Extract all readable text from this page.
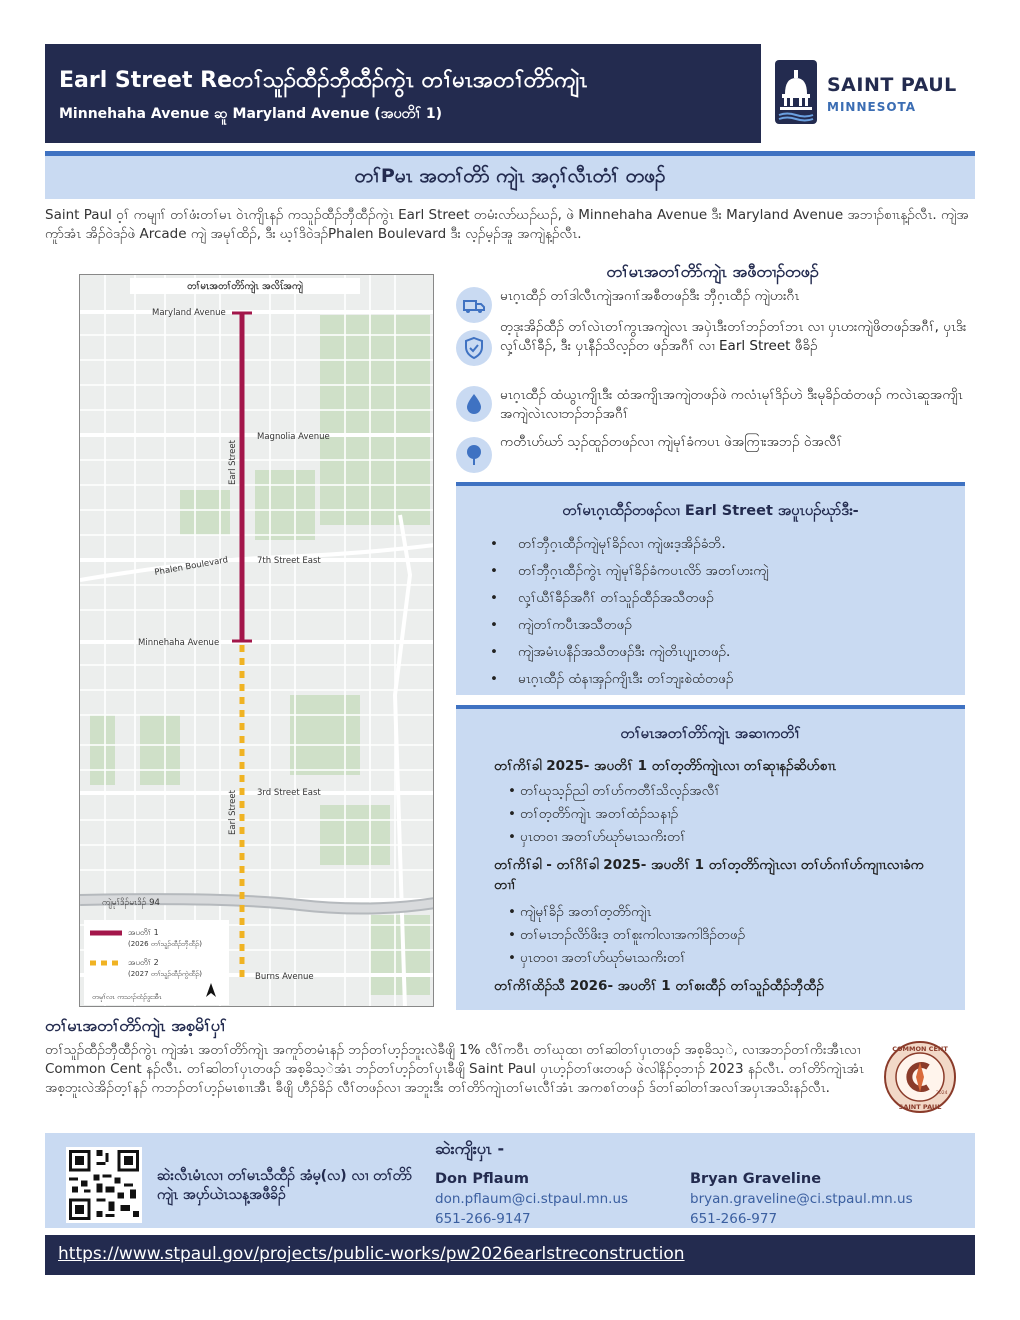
Earl Street Reတၢ်သူၣ်ထီၣ်ဘှီထီၣ်ကွဲၤ တၢ်မၤအတၢ်တိာ်ကျဲၤ
Minnehaha Avenue ဆူ Maryland Avenue (အပတိၢ် 1)
SAINT PAUL
MINNESOTA
တၢ်Pမၤ အတၢ်တိာ် ကျဲၤ အဂ့ၢ်လီၤတံၢ် တဖၣ်

Saint Paul ဝ့ၢ် ကမျၢၢ် တၢ်ဖံးတၢ်မၤ ဝဲၤကျိၤနၣ် ကသူၣ်ထီၣ်ဘှီထီၣ်ကွဲၤ Earl Street တမံးလာ်ဃၣ်ဃၣ်, ဖဲ Minnehaha Avenue ဒီး Maryland Avenue အဘၢၣ်စၢၤန့ၣ်လီၤ. ကျဲအကူာ်အံၤ အိၣ်ဝဲဒၣ်ဖဲ Arcade ကျဲ အမုၢ်ထိၣ်, ဒီး ဃ့ၢ်ဒိဝဲဒၣ်Phalen Boulevard ဒီး လ့ၣ်မ့ၣ်အူ အကျဲန့ၣ်လီၤ.

တၢ်မၤအတၢ်တိာ်ကျဲၤ အလိၤ်အကျဲ
Maryland Avenue
Magnolia Avenue
Phalen Boulevard	7th Street East
Minnehaha Avenue
3rd Street East
Earl Street
Earl Street
ကျဲမုၢ်ဒိၣ်မၤဒိၣ် 94
Burns Avenue
အပတိၢ် 1
(2026 တၢ်သူၣ်ထီၣ်ဘှီထီၣ်)
အပတိၢ် 2
(2027 တၢ်သူၣ်ထီၣ်ကွဲထီၣ်)
တမုၢ်လၤ ကသၢၣ်ထံၣ်ဒွးအီၤ
တၢ်မၤအတၢ်တိာ်ကျဲၤ အဖီတၢၣ်တဖၣ်
မၤဂ့ၤထီၣ် တၢ်ဒါလီၤကျဲအဂၢၢ်အစီတဖၣ်ဒီး ဘှီဂ့ၤထီၣ် ကျဲဟးဂီၤ
တ့ဒုးအိၣ်ထီၣ် တၢ်လဲၤတၢ်ကွၤအကျဲလၤ အပှဲၤဒီးတၢ်ဘၣ်တၢ်ဘၤ လၢ ပှၤဟးကျဲဖိတဖၣ်အဂီၢ်, ပှၤဒိးလှ့ၢ်ယီၢ်ခီၣ်, ဒီး ပှၤနီၣ်သိလ့ၣ်တ ဖၣ်အဂီၢ် လၢ Earl Street ဖီခိၣ်
မၤဂ့ၤထီၣ် ထံယွၤကျိၤဒီး ထံအကျိၤအကျဲတဖၣ်ဖဲ ကလံၤမုၢ်ဒိၣ်ဟဲ ဒီးမုခိၣ်ထံတဖၣ် ကလဲၤဆူအကျိၤအကျဲလဲၤလၢဘၣ်ဘၣ်အဂီၢ်
ကတီၤဟ်ဃာ် သ့ၣ်ထူၣ်တဖၣ်လၢ ကျဲမုၢ်ခံကပၤ ဖဲအကြၢးအဘၣ် ဝဲအလီၢ်
တၢ်မၤဂ့ၤထီၣ်တဖၣ်လၢ Earl Street အပူၤပၣ်ဃုာ်ဒီး-
• တၢ်ဘှီဂ့ၤထီၣ်ကျဲမုၢ်ခိၣ်လၢ ကျဲဖးဒ့အိၣ်ခံဘိ.
• တၢ်ဘှီဂ့ၤထီၣ်ကွဲၤ ကျဲမုၢ်ခိၣ်ခံကပၤလိာ် အတၢ်ဟးကျဲ
• လှ့ၢ်ယီၢ်ခီၣ်အဂီၢ် တၢ်သူၣ်ထီၣ်အသီတဖၣ်
• ကျဲတၢ်ကပီၤအသီတဖၣ်
• ကျဲအမံၤပနီၣ်အသီတဖၣ်ဒီး ကျဲတိၤပျ့ၤတဖၣ်.
• မၤဂ့ၤထီၣ် ထံနၢအှၣ်ကျိၤဒီး တၢ်ဘျးစဲထံတဖၣ်
တၢ်မၤအတၢ်တိာ်ကျဲၤ အဆၢကတိၢ်
တၢ်ကိၢ်ခါ 2025- အပတိၢ် 1 တၢ်တ့တိာ်ကျဲၤလၢ တၢ်ဆုၢနၣ်ဆိဟ်စၢၤ
• တၢ်ဃုသ့ၣ်ညါ တၢ်ဟ်ကတီၢ်သိလ့ၣ်အလီၢ်
• တၢ်တ့တိာ်ကျဲၤ အတၢ်ထံၣ်သနၢၣ်
• ပှၤတဝၢ အတၢ်ပာ်ဃုာ်မၤသကိးတၢ်
တၢ်ကိၢ်ခါ - တၢ်ဂိၢ်ခါ 2025- အပတိၢ် 1 တၢ်တ့တိာ်ကျဲၤလၢ တၢ်ဟ်ဂၢၢ်ဟ်ကျၢၤလၢခံကတၢၢ်
• ကျဲမုၢ်ခိၣ် အတၢ်တ့တိာ်ကျဲၤ
• တၢ်မၤဘၣ်လိာ်ဖိးဒ့ တၢ်စူးကါလၢအကါဒိၣ်တဖၣ်
• ပှၤတဝၢ အတၢ်ပာ်ဃုာ်မၤသကိးတၢ်
တၢ်ကိၢ်ထိၣ်သီ 2026- အပတိၢ် 1 တၢ်စးထီၣ် တၢ်သူၣ်ထီၣ်ဘှီထီၣ်
တၢ်မၤအတၢ်တိာ်ကျဲၤ အစ့မိၢ်ပှၢ်

တၢ်သူၣ်ထီၣ်ဘှီထီၣ်ကွဲၤ ကျဲအံၤ အတၢ်တိာ်ကျဲၤ အကူာ်တမံၤနၣ် ဘၣ်တၢ်ဟ့ၣ်ဘူးလဲခီဖျိ 1% လီၢ်ကဝီၤ တၢ်ဃုထၢ တၢ်ဆါတၢ်ပှၤတဖၣ် အစ့ခိသ့ဲ, လၢအဘၣ်တၢ်ကိးအီၤလၢ Common Cent နၣ်လီၤ. တၢ်ဆါတၢ်ပှၤတဖၣ် အစ့ခိသ့ဲအံၤ ဘၣ်တၢ်ဟ့ၣ်တၢ်ပှၤခီဖျိ Saint Paul ပှၤဟ့ၣ်တၢ်ဖးတဖၣ် ဖဲလါနိၣ်ဝ့ဘၢၣ် 2023 နၣ်လီၤ. တၢ်တိာ်ကျဲၤအံၤ အစ့ဘူးလဲအိၣ်တ့ၢ်နၣ် ကဘၣ်တၢ်ဟ့ၣ်မၤစၢၤအီၤ ခီဖျိ ဟီၣ်ခိၣ် လီၢ်တဖၣ်လၢ အဘူးဒီး တၢ်တိာ်ကျဲၤတၢ်မၤလီၢ်အံၤ အကစၢ်တဖၣ် ဒ်တၢ်ဆါတၢ်အလၢ်အပှၤအသိးနၣ်လီၤ.

COMMON CENT
SAINT PAUL
2024
ဆဲးလီၤမံၤလၢ တၢ်မၤသီထီၣ် အံမ့(လ) လၢ တၢ်တိာ်ကျဲၤ အပှာ်ယဲၤသန့အဖီခိၣ်
ဆဲးကျိးပှၤ -
Don Pflaum
don.pflaum@ci.stpaul.mn.us
651-266-9147
Bryan Graveline
bryan.graveline@ci.stpaul.mn.us
651-266-977
https://www.stpaul.gov/projects/public-works/pw2026earlstreconstruction
